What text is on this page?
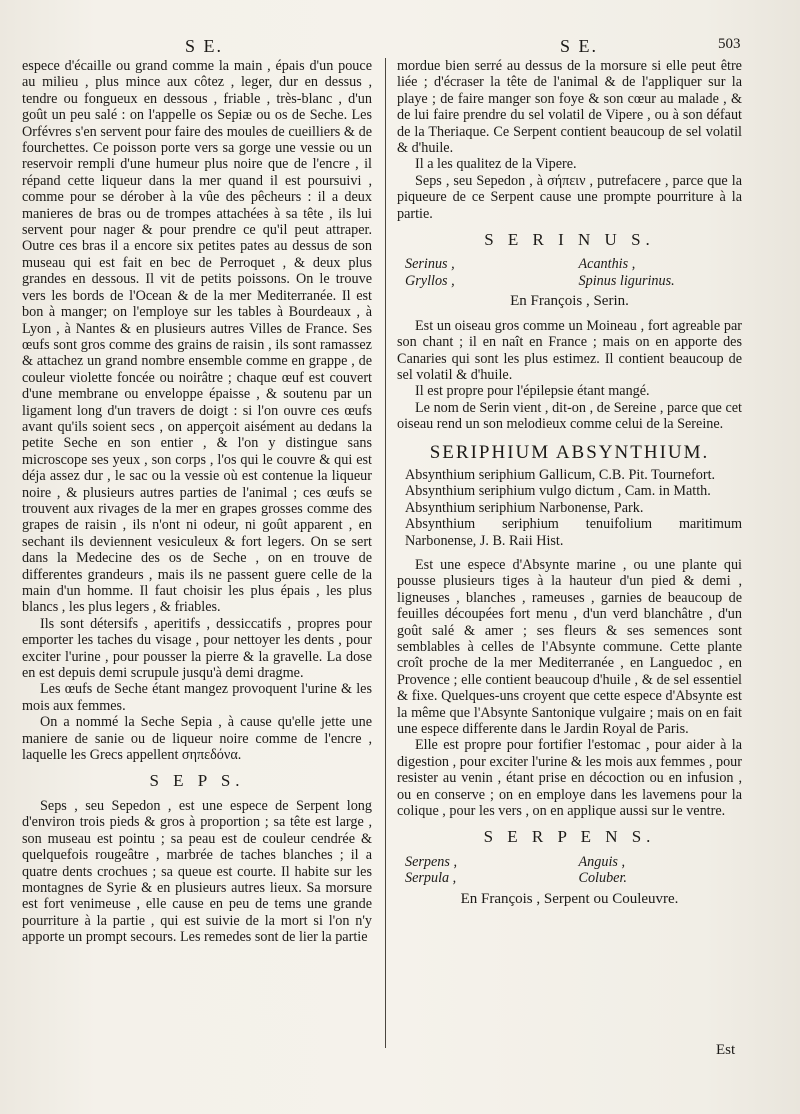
S E.	S E.	503

espece d'écaille ou grand comme la main , épais d'un pouce au milieu , plus mince aux côtez , leger, dur en dessus , tendre ou fongueux en dessous , friable , très-blanc , d'un goût un peu salé : on l'appelle os Sepiæ ou os de Seche. Les Orfévres s'en servent pour faire des moules de cueilliers & de fourchettes. Ce poisson porte vers sa gorge une vessie ou un reservoir rempli d'une humeur plus noire que de l'encre , il répand cette liqueur dans la mer quand il est poursuivi , comme pour se dérober à la vûe des pêcheurs : il a deux manieres de bras ou de trompes attachées à sa tête , ils lui servent pour nager & pour prendre ce qu'il peut attraper. Outre ces bras il a encore six petites pates au dessus de son museau qui est fait en bec de Perroquet , & deux plus grandes en dessous. Il vit de petits poissons. On le trouve vers les bords de l'Ocean & de la mer Mediterranée. Il est bon à manger; on l'employe sur les tables à Bourdeaux , à Lyon , à Nantes & en plusieurs autres Villes de France. Ses œufs sont gros comme des grains de raisin , ils sont ramassez & attachez un grand nombre ensemble comme en grappe , de couleur violette foncée ou noirâtre ; chaque œuf est couvert d'une membrane ou enveloppe épaisse , & soutenu par un ligament long d'un travers de doigt : si l'on ouvre ces œufs avant qu'ils soient secs , on apperçoit aisément au dedans la petite Seche en son entier , & l'on y distingue sans microscope ses yeux , son corps , l'os qui le couvre & qui est déja assez dur , le sac ou la vessie où est contenue la liqueur noire , & plusieurs autres parties de l'animal ; ces œufs se trouvent aux rivages de la mer en grapes grosses comme des grapes de raisin , ils n'ont ni odeur, ni goût apparent , en sechant ils deviennent vesiculeux & fort legers. On se sert dans la Medecine des os de Seche , on en trouve de differentes grandeurs , mais ils ne passent guere celle de la main d'un homme. Il faut choisir les plus épais , les plus blancs , les plus legers , & friables.

Ils sont détersifs , aperitifs , dessiccatifs , propres pour emporter les taches du visage , pour nettoyer les dents , pour exciter l'urine , pour pousser la pierre & la gravelle. La dose en est depuis demi scrupule jusqu'à demi dragme.

Les œufs de Seche étant mangez provoquent l'urine & les mois aux femmes.

On a nommé la Seche Sepia , à cause qu'elle jette une maniere de sanie ou de liqueur noire comme de l'encre , laquelle les Grecs appellent σηπεδόνα.

S E P S.

Seps , seu Sepedon , est une espece de Serpent long d'environ trois pieds & gros à proportion ; sa tête est large , son museau est pointu ; sa peau est de couleur cendrée & quelquefois rougeâtre , marbrée de taches blanches ; il a quatre dents crochues ; sa queue est courte. Il habite sur les montagnes de Syrie & en plusieurs autres lieux. Sa morsure est fort venimeuse , elle cause en peu de tems une grande pourriture à la partie , qui est suivie de la mort si l'on n'y apporte un prompt secours. Les remedes sont de lier la partie

mordue bien serré au dessus de la morsure si elle peut être liée ; d'écraser la tête de l'animal & de l'appliquer sur la playe ; de faire manger son foye & son cœur au malade , & de lui faire prendre du sel volatil de Vipere , ou à son défaut de la Theriaque. Ce Serpent contient beaucoup de sel volatil & d'huile.

Il a les qualitez de la Vipere.

Seps , seu Sepedon , à σήπειν , putrefacere , parce que la piqueure de ce Serpent cause une prompte pourriture à la partie.

S E R I N U S.
Serinus ,	Acanthis ,
Gryllos ,	Spinus ligurinus.
En François , Serin.

Est un oiseau gros comme un Moineau , fort agreable par son chant ; il en naît en France ; mais on en apporte des Canaries qui sont les plus estimez. Il contient beaucoup de sel volatil & d'huile.

Il est propre pour l'épilepsie étant mangé.

Le nom de Serin vient , dit-on , de Sereine , parce que cet oiseau rend un son melodieux comme celui de la Sereine.

SERIPHIUM ABSYNTHIUM.

Absynthium seriphium Gallicum, C.B. Pit. Tournefort.

Absynthium seriphium vulgo dictum , Cam. in Matth.

Absynthium seriphium Narbonense, Park.

Absynthium seriphium tenuifolium maritimum Narbonense, J. B. Raii Hist.

Est une espece d'Absynte marine , ou une plante qui pousse plusieurs tiges à la hauteur d'un pied & demi , ligneuses , blanches , rameuses , garnies de beaucoup de feuilles découpées fort menu , d'un verd blanchâtre , d'un goût salé & amer ; ses fleurs & ses semences sont semblables à celles de l'Absynte commune. Cette plante croît proche de la mer Mediterranée , en Languedoc , en Provence ; elle contient beaucoup d'huile , & de sel essentiel & fixe. Quelques-uns croyent que cette espece d'Absynte est la même que l'Absynte Santonique vulgaire ; mais on en fait une espece differente dans le Jardin Royal de Paris.

Elle est propre pour fortifier l'estomac , pour aider à la digestion , pour exciter l'urine & les mois aux femmes , pour resister au venin , étant prise en décoction ou en infusion , ou en conserve ; on en employe dans les lavemens pour la colique , pour les vers , on en applique aussi sur le ventre.

S E R P E N S.
Serpens ,	Anguis ,
Serpula ,	Coluber.
En François , Serpent ou Couleuvre.
Est
